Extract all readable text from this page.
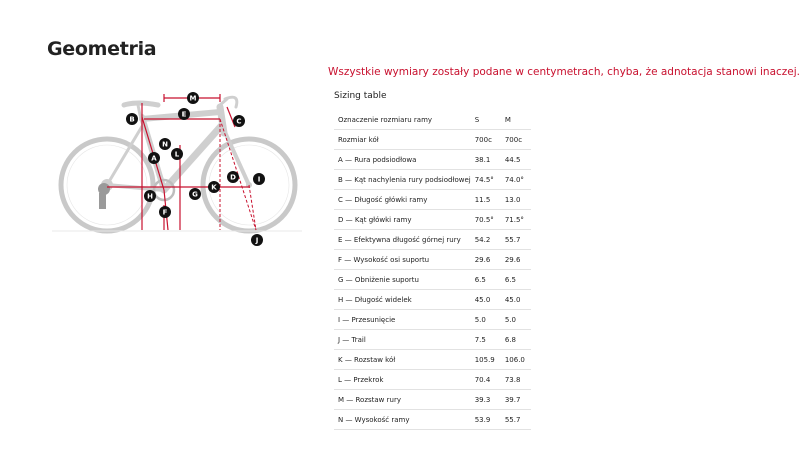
Geometria
A
B	C
D
E
F
G
H
I
J
K
L
M
N
Wszystkie wymiary zostały podane w centymetrach, chyba, że adnotacja stanowi inaczej.
Sizing table
Oznaczenie rozmiaru ramy	S	M
Rozmiar kół	700c	700c
A — Rura podsiodłowa	38.1	44.5
B — Kąt nachylenia rury podsiodłowej	74.5°	74.0°
C — Długość główki ramy	11.5	13.0
D — Kąt główki ramy	70.5°	71.5°
E — Efektywna długość górnej rury	54.2	55.7
F — Wysokość osi suportu	29.6	29.6
G — Obniżenie suportu	6.5	6.5
H — Długość widelek	45.0	45.0
I — Przesunięcie	5.0	5.0
J — Trail	7.5	6.8
K — Rozstaw kół	105.9	106.0
L — Przekrok	70.4	73.8
M — Rozstaw rury	39.3	39.7
N — Wysokość ramy	53.9	55.7
